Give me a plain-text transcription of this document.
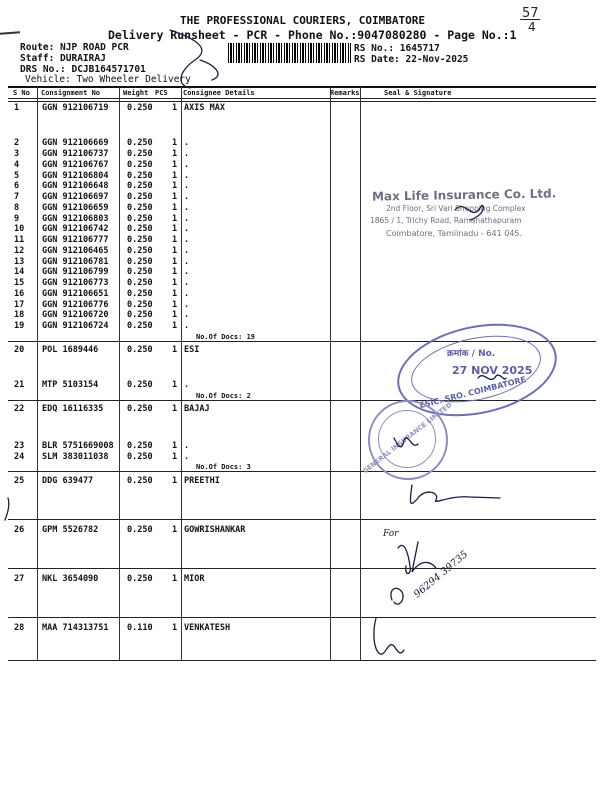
THE PROFESSIONAL COURIERS, COIMBATORE
Delivery Runsheet - PCR - Phone No.:9047080280 - Page No.:1
Route: NJP ROAD PCR
Staff: DURAIRAJ
DRS No.: DCJB164571701
Vehicle: Two Wheeler Delivery
RS No.: 1645717
RS Date: 22-Nov-2025
57
4
S No Consignment No	Weight PCS Consignee Details	Remarks	Seal & Signature
No.Of Docs: 19
No.Of Docs: 2
No.Of Docs: 3
1	GGN 912106719 0.250 1 AXIS MAX
2	GGN 912106669 0.250 1 .
3	GGN 912106737 0.250 1 .
4	GGN 912106767 0.250 1 .
5	GGN 912106804 0.250 1 .
6	GGN 912106648 0.250 1 .
7	GGN 912106697 0.250 1 .
8	GGN 912106659 0.250 1 .
9	GGN 912106803 0.250 1 .
10 GGN 912106742 0.250 1 .
11 GGN 912106777 0.250 1 .
12 GGN 912106465 0.250 1 .
13 GGN 912106781 0.250 1 .
14 GGN 912106799 0.250 1 .
15 GGN 912106773 0.250 1 .
16 GGN 912106651 0.250 1 .
17 GGN 912106776 0.250 1 .
18 GGN 912106720 0.250 1 .
19 GGN 912106724 0.250 1 .
20 POL 1689446	0.250 1 ESI
21 MTP 5103154	0.250 1 .
22 EDQ 16116335	0.250 1 BAJAJ
23 BLR 5751669008 0.250 1 .
24 SLM 383011038 0.250 1 .
25 DDG 639477	0.250 1 PREETHI
26 GPM 5526782	0.250 1 GOWRISHANKAR
27 NKL 3654090	0.250 1 MIOR
28 MAA 714313751 0.110 1 VENKATESH
Max Life Insurance Co. Ltd.
2nd Floor, Sri Vari Shopping Complex
1865 / 1, Trichy Road, Ramanathapuram
Coimbatore, Tamilnadu - 641 045.
क्रमांक / No.
27 NOV 2025
ESIC. SRO. COIMBATORE
GENERAL INSURANCE LIMITED
For
96294 39735
